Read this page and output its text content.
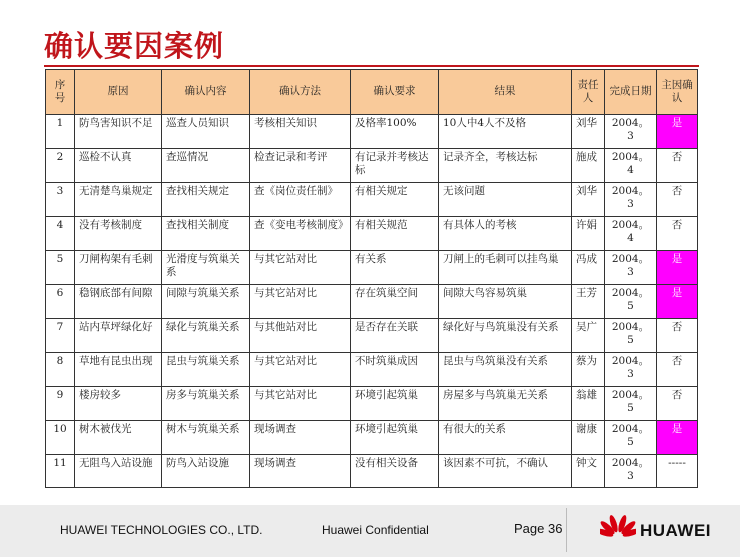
确认要因案例
序号	原因	确认内容	确认方法	确认要求	结果	责任人	完成日期	主因确认
1	防鸟害知识不足	巡查人员知识	考核相关知识	及格率100%	10人中4人不及格	刘华	2004。3	是
2	巡检不认真	查巡情况	检查记录和考评	有记录并考核达标	记录齐全，考核达标	施成	2004。4	否
3	无清楚鸟巢规定	查找相关规定	查《岗位责任制》	有相关规定	无该问题	刘华	2004。3	否
4	没有考核制度	查找相关制度	查《变电考核制度》	有相关规范	有具体人的考核	许娟	2004。4	否
5	刀闸构架有毛刺	光滑度与筑巢关系	与其它站对比	有关系	刀闸上的毛刺可以挂鸟巢	冯成	2004。3	是
6	稳钢底部有间隙	间隙与筑巢关系	与其它站对比	存在筑巢空间	间隙大鸟容易筑巢	王芳	2004。5	是
7	站内草坪绿化好	绿化与筑巢关系	与其他站对比	是否存在关联	绿化好与鸟筑巢没有关系	吴广	2004。5	否
8	草地有昆虫出现	昆虫与筑巢关系	与其它站对比	不时筑巢成因	昆虫与鸟筑巢没有关系	蔡为	2004。3	否
9	楼房较多	房多与筑巢关系	与其它站对比	环境引起筑巢	房屋多与鸟筑巢无关系	翁雄	2004。5	否
10	树木被伐光	树木与筑巢关系	现场调查	环境引起筑巢	有很大的关系	谢康	2004。5	是
11	无阻鸟入站设施	防鸟入站设施	现场调查	没有相关设备	该因素不可抗，不确认	钟文	2004。3	-----
HUAWEI TECHNOLOGIES CO., LTD.	Huawei Confidential	Page 36	HUAWEI
